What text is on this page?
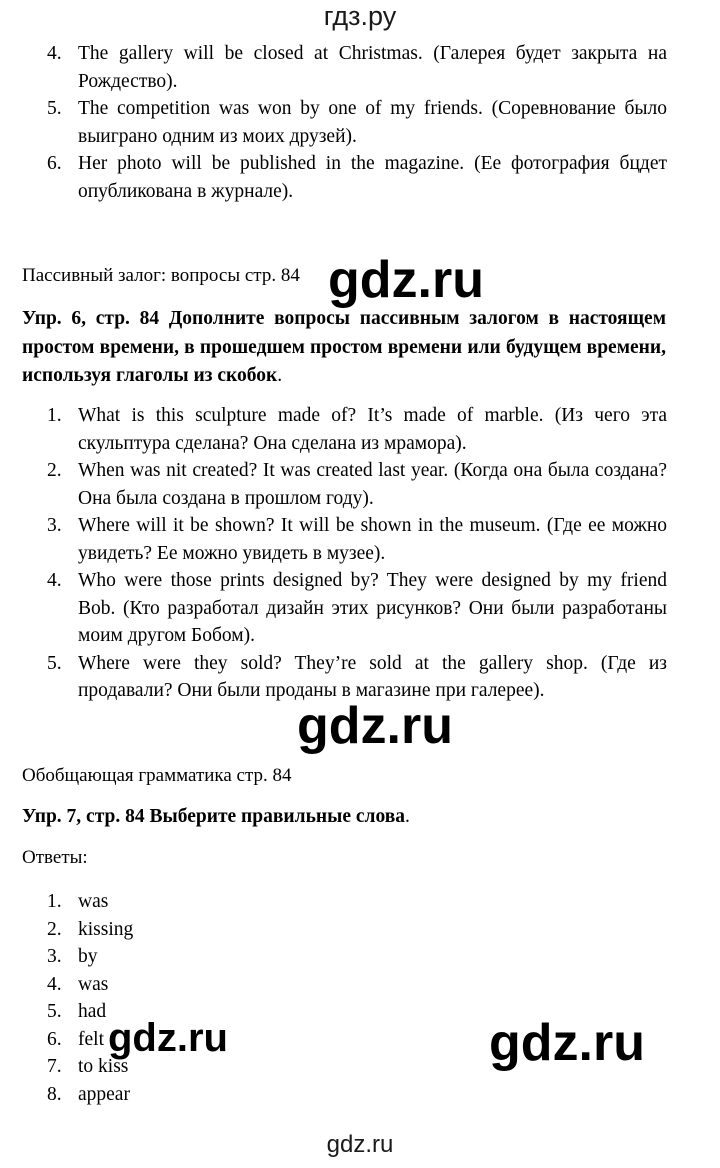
гдз.ру
4. The gallery will be closed at Christmas. (Галерея будет закрыта на Рождество).
5. The competition was won by one of my friends. (Соревнование было выиграно одним из моих друзей).
6. Her photo will be published in the magazine. (Ее фотография бцдет опубликована в журнале).
Пассивный залог: вопросы стр. 84 gdz.ru
Упр. 6, стр. 84 Дополните вопросы пассивным залогом в настоящем простом времени, в прошедшем простом времени или будущем времени, используя глаголы из скобок.
1. What is this sculpture made of? It’s made of marble. (Из чего эта скульптура сделана? Она сделана из мрамора).
2. When was nit created? It was created last year. (Когда она была создана? Она была создана в прошлом году).
3. Where will it be shown? It will be shown in the museum. (Где ее можно увидеть? Ее можно увидеть в музее).
4. Who were those prints designed by? They were designed by my friend Bob. (Кто разработал дизайн этих рисунков? Они были разработаны моим другом Бобом).
5. Where were they sold? They’re sold at the gallery shop. (Где из продавали? Они были проданы в магазине при галерее).
gdz.ru
Обобщающая грамматика стр. 84
Упр. 7, стр. 84 Выберите правильные слова.
Ответы:
1. was
2. kissing
3. by
4. was
5. had
6. felt
7. to kiss
8. appear
gdz.ru	gdz.ru
gdz.ru
